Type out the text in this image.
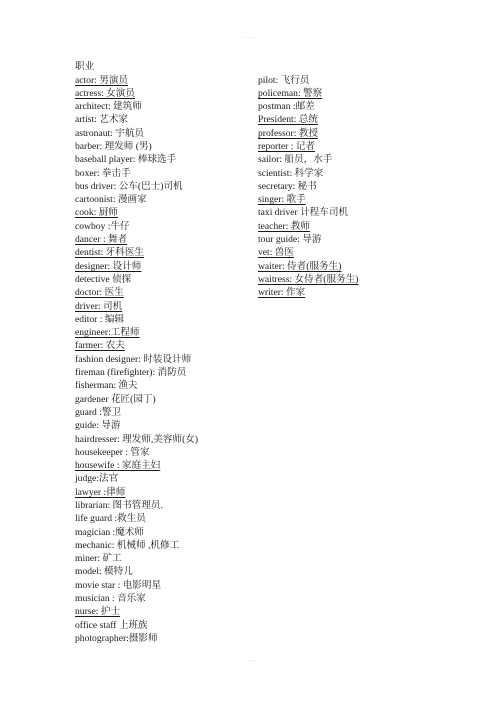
- - - - -
职业
actor: 男演员
actress: 女演员
architect: 建筑师
artist: 艺术家
astronaut: 宇航员
barber: 理发师 (男)
baseball player: 棒球选手
boxer: 拳击手
bus driver: 公车(巴士)司机
cartoonist: 漫画家
cook: 厨师
cowboy :牛仔
dancer : 舞者
dentist: 牙科医生
designer: 设计师
detective 侦探
doctor: 医生
driver: 司机
editor : 编辑
engineer:工程师
farmer: 农夫
fashion designer: 时装设计师
fireman (firefighter): 消防员
fisherman: 渔夫
gardener 花匠(园丁)
guard :警卫
guide: 导游
hairdresser: 理发师,美容师(女)
housekeeper : 管家
housewife : 家庭主妇
judge:法官
lawyer :律师
librarian: 图书管理员.
life guard :救生员
magician :魔术师
mechanic: 机械师 ,机修工
miner: 矿工
model: 模特儿
movie star : 电影明星
musician : 音乐家
nurse: 护士
office staff 上班族
photographer:摄影师
pilot: 飞行员
policeman: 警察
postman :邮差
President: 总统
professor: 教授
reporter : 记者
sailor: 船员，水手
scientist: 科学家
secretary: 秘书
singer: 歌手
taxi driver 计程车司机
teacher: 教师
tour guide: 导游
vet: 兽医
waiter: 侍者(服务生)
waitress: 女侍者(服务生)
writer: 作家
- - - -
